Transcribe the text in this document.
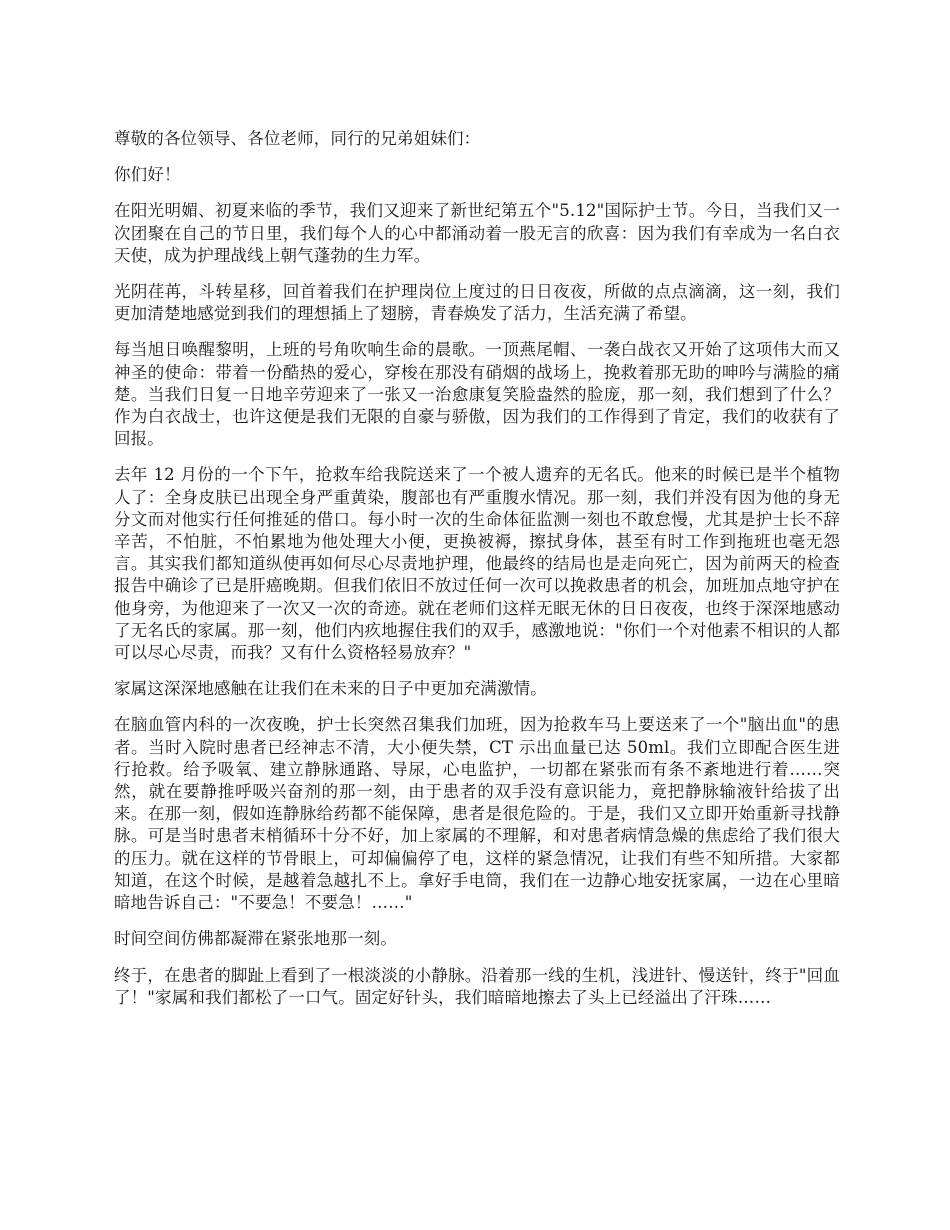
尊敬的各位领导、各位老师，同行的兄弟姐妹们：

你们好！

在阳光明媚、初夏来临的季节，我们又迎来了新世纪第五个"5.12"国际护士节。今日，当我们又一次团聚在自己的节日里，我们每个人的心中都涌动着一股无言的欣喜：因为我们有幸成为一名白衣天使，成为护理战线上朝气蓬勃的生力军。

光阴荏苒，斗转星移，回首着我们在护理岗位上度过的日日夜夜，所做的点点滴滴，这一刻，我们更加清楚地感觉到我们的理想插上了翅膀，青春焕发了活力，生活充满了希望。

每当旭日唤醒黎明，上班的号角吹响生命的晨歌。一顶燕尾帽、一袭白战衣又开始了这项伟大而又神圣的使命：带着一份酷热的爱心，穿梭在那没有硝烟的战场上，挽救着那无助的呻吟与满脸的痛楚。当我们日复一日地辛劳迎来了一张又一治愈康复笑脸盎然的脸庞，那一刻，我们想到了什么？作为白衣战士，也许这便是我们无限的自豪与骄傲，因为我们的工作得到了肯定，我们的收获有了回报。

去年 12 月份的一个下午，抢救车给我院送来了一个被人遗弃的无名氏。他来的时候已是半个植物人了：全身皮肤已出现全身严重黄染，腹部也有严重腹水情况。那一刻，我们并没有因为他的身无分文而对他实行任何推延的借口。每小时一次的生命体征监测一刻也不敢怠慢，尤其是护士长不辞辛苦，不怕脏，不怕累地为他处理大小便，更换被褥，擦拭身体，甚至有时工作到拖班也毫无怨言。其实我们都知道纵使再如何尽心尽责地护理，他最终的结局也是走向死亡，因为前两天的检查报告中确诊了已是肝癌晚期。但我们依旧不放过任何一次可以挽救患者的机会，加班加点地守护在他身旁，为他迎来了一次又一次的奇迹。就在老师们这样无眠无休的日日夜夜，也终于深深地感动了无名氏的家属。那一刻，他们内疚地握住我们的双手，感激地说："你们一个对他素不相识的人都可以尽心尽责，而我？又有什么资格轻易放弃？"

家属这深深地感触在让我们在未来的日子中更加充满激情。

在脑血管内科的一次夜晚，护士长突然召集我们加班，因为抢救车马上要送来了一个"脑出血"的患者。当时入院时患者已经神志不清，大小便失禁，CT 示出血量已达 50ml。我们立即配合医生进行抢救。给予吸氧、建立静脉通路、导尿，心电监护，一切都在紧张而有条不紊地进行着……突然，就在要静推呼吸兴奋剂的那一刻，由于患者的双手没有意识能力，竟把静脉输液针给拔了出来。在那一刻，假如连静脉给药都不能保障，患者是很危险的。于是，我们又立即开始重新寻找静脉。可是当时患者末梢循环十分不好，加上家属的不理解，和对患者病情急燥的焦虑给了我们很大的压力。就在这样的节骨眼上，可却偏偏停了电，这样的紧急情况，让我们有些不知所措。大家都知道，在这个时候，是越着急越扎不上。拿好手电筒，我们在一边静心地安抚家属，一边在心里暗暗地告诉自己："不要急！不要急！……"

时间空间仿佛都凝滞在紧张地那一刻。

终于，在患者的脚趾上看到了一根淡淡的小静脉。沿着那一线的生机，浅进针、慢送针，终于"回血了！"家属和我们都松了一口气。固定好针头，我们暗暗地擦去了头上已经溢出了汗珠……
